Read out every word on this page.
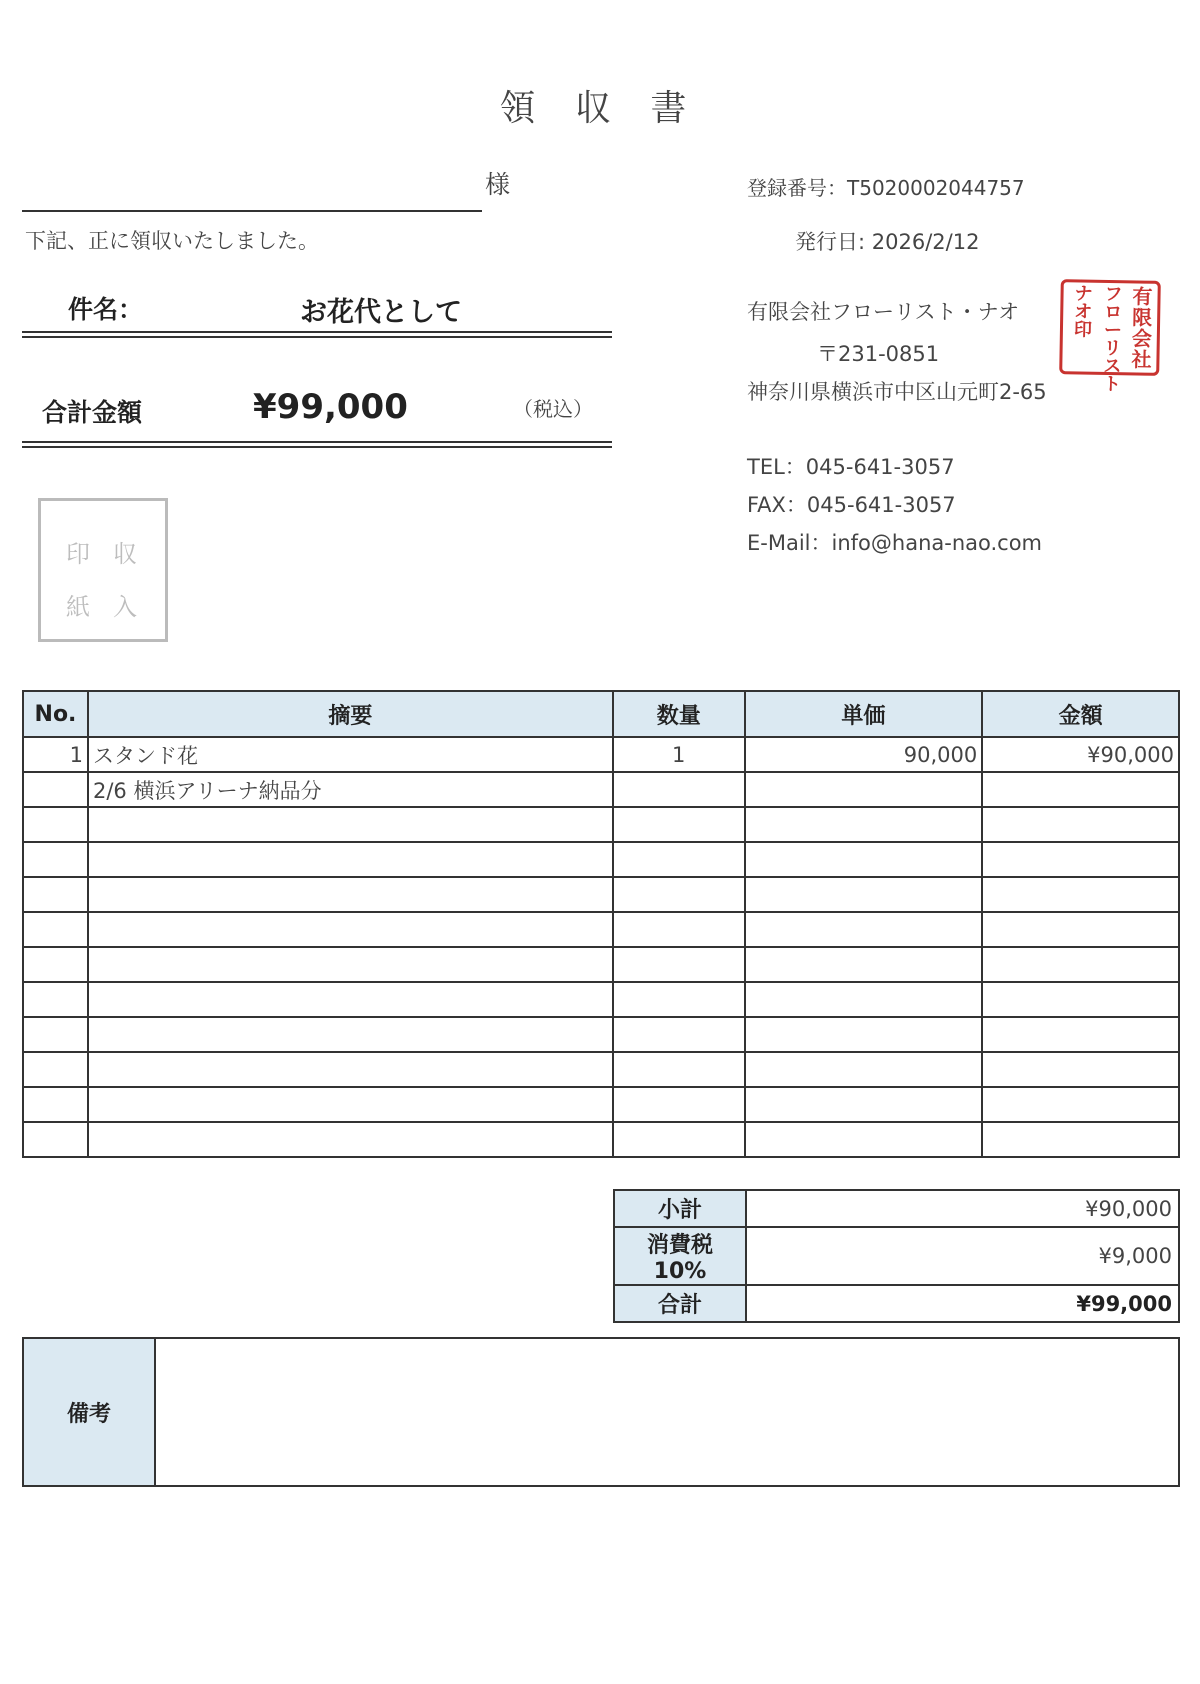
領 収 書
様
下記、正に領収いたしました。
件名：	お花代として
合計金額	¥99,000	（税込）
印 収
紙 入
登録番号：T5020002044757
発行日: 2026/2/12
有限会社フローリスト・ナオ
〒231-0851
神奈川県横浜市中区山元町2-65
TEL：045-641-3057
FAX：045-641-3057
E-Mail：info@hana-nao.com
有限
会社
フロ
ーリ
スト
ナオ
印
No.	摘要	数量	単価	金額
1	スタンド花	1	90,000	¥90,000
	2/6 横浜アリーナ納品分			

小計	¥90,000
消費税10%	¥9,000
合計	¥99,000
備考
